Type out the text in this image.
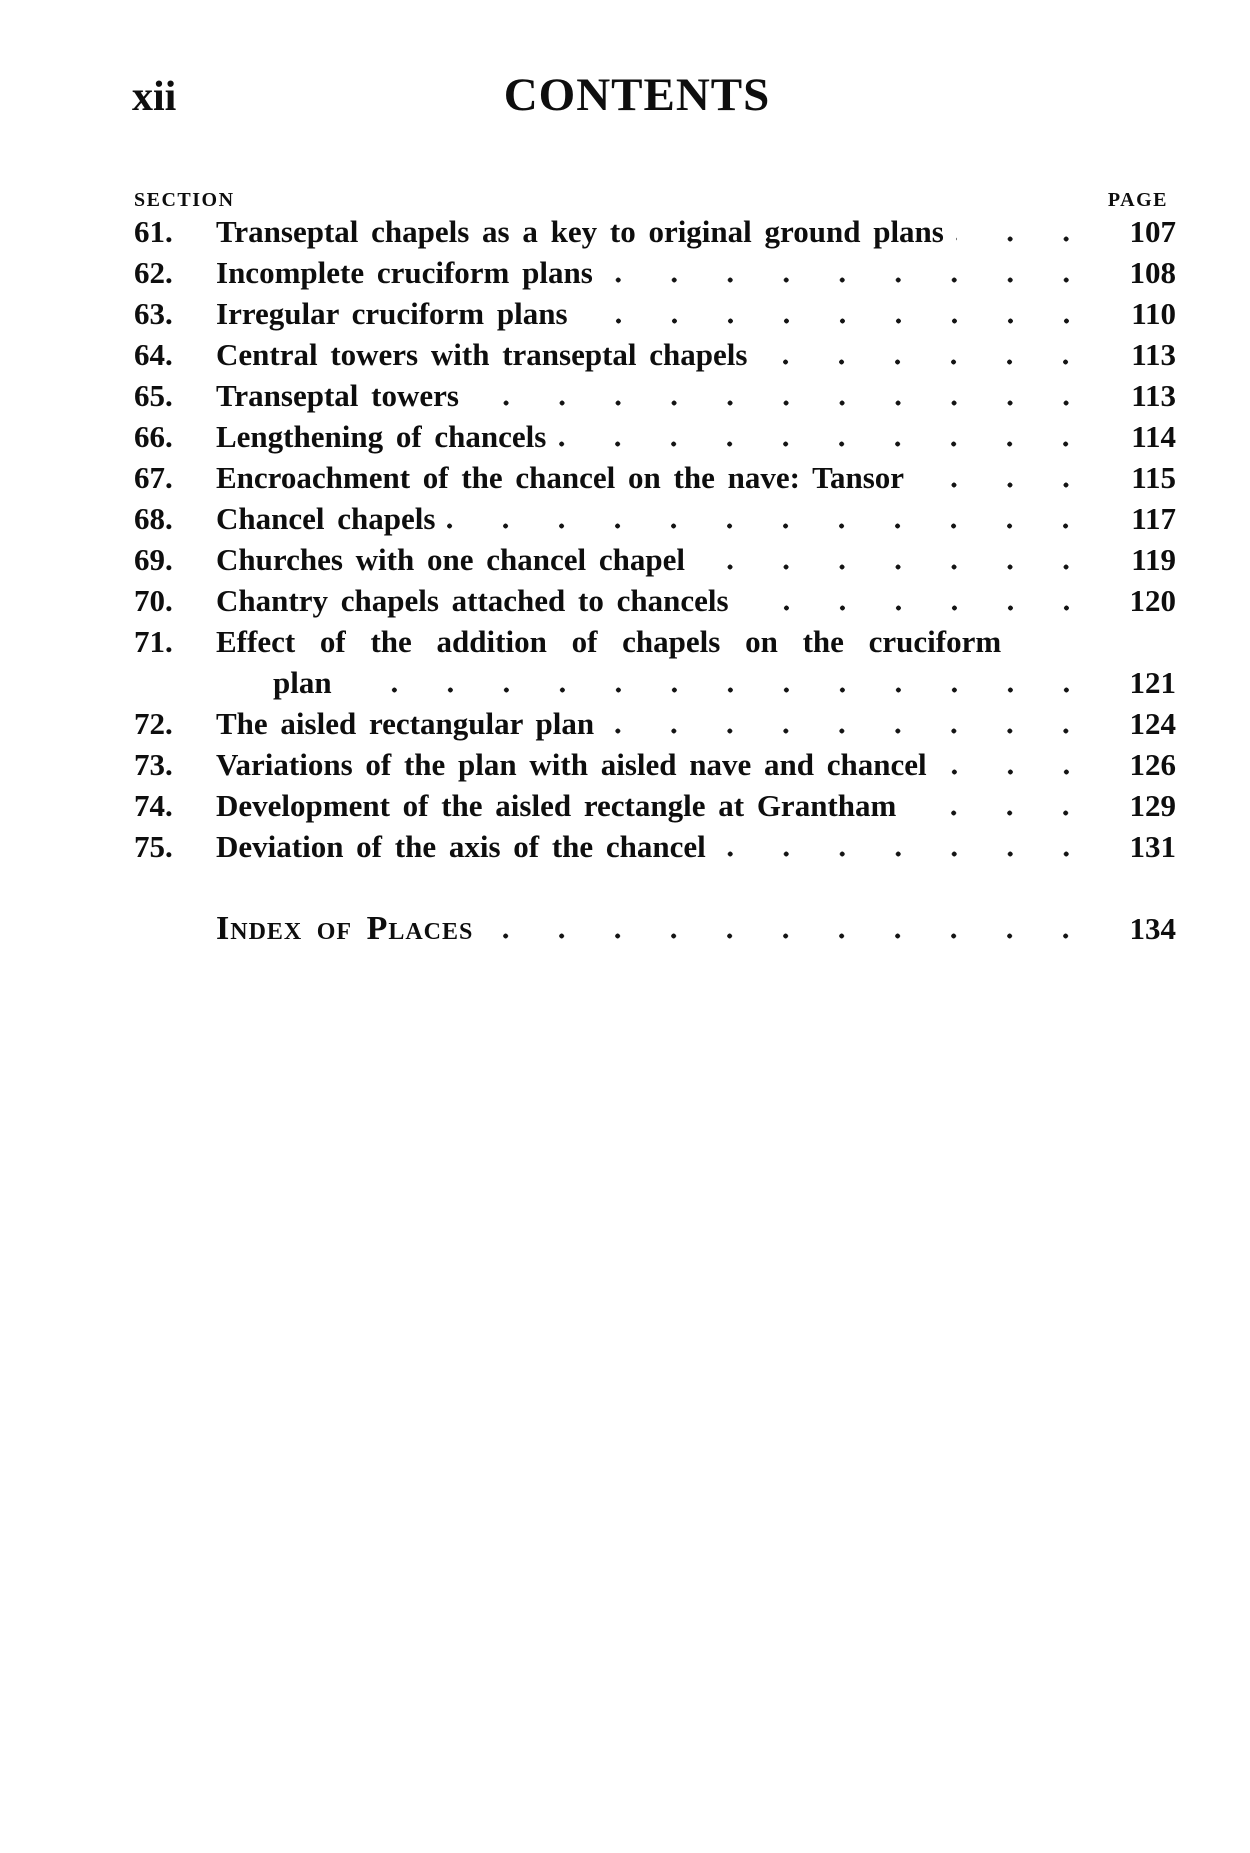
xii	CONTENTS
SECTION	PAGE
61.	Transeptal chapels as a key to original ground plans	107
62.	Incomplete cruciform plans	108
63.	Irregular cruciform plans	110
64.	Central towers with transeptal chapels	113
65.	Transeptal towers	113
66.	Lengthening of chancels	114
67.	Encroachment of the chancel on the nave: Tansor	115
68.	Chancel chapels	117
69.	Churches with one chancel chapel	119
70.	Chantry chapels attached to chancels	120
71.	Effect of the addition of chapels on the cruciform
plan	121
72.	The aisled rectangular plan	124
73.	Variations of the plan with aisled nave and chancel	126
74.	Development of the aisled rectangle at Grantham	129
75.	Deviation of the axis of the chancel	131
Index of Places	134
